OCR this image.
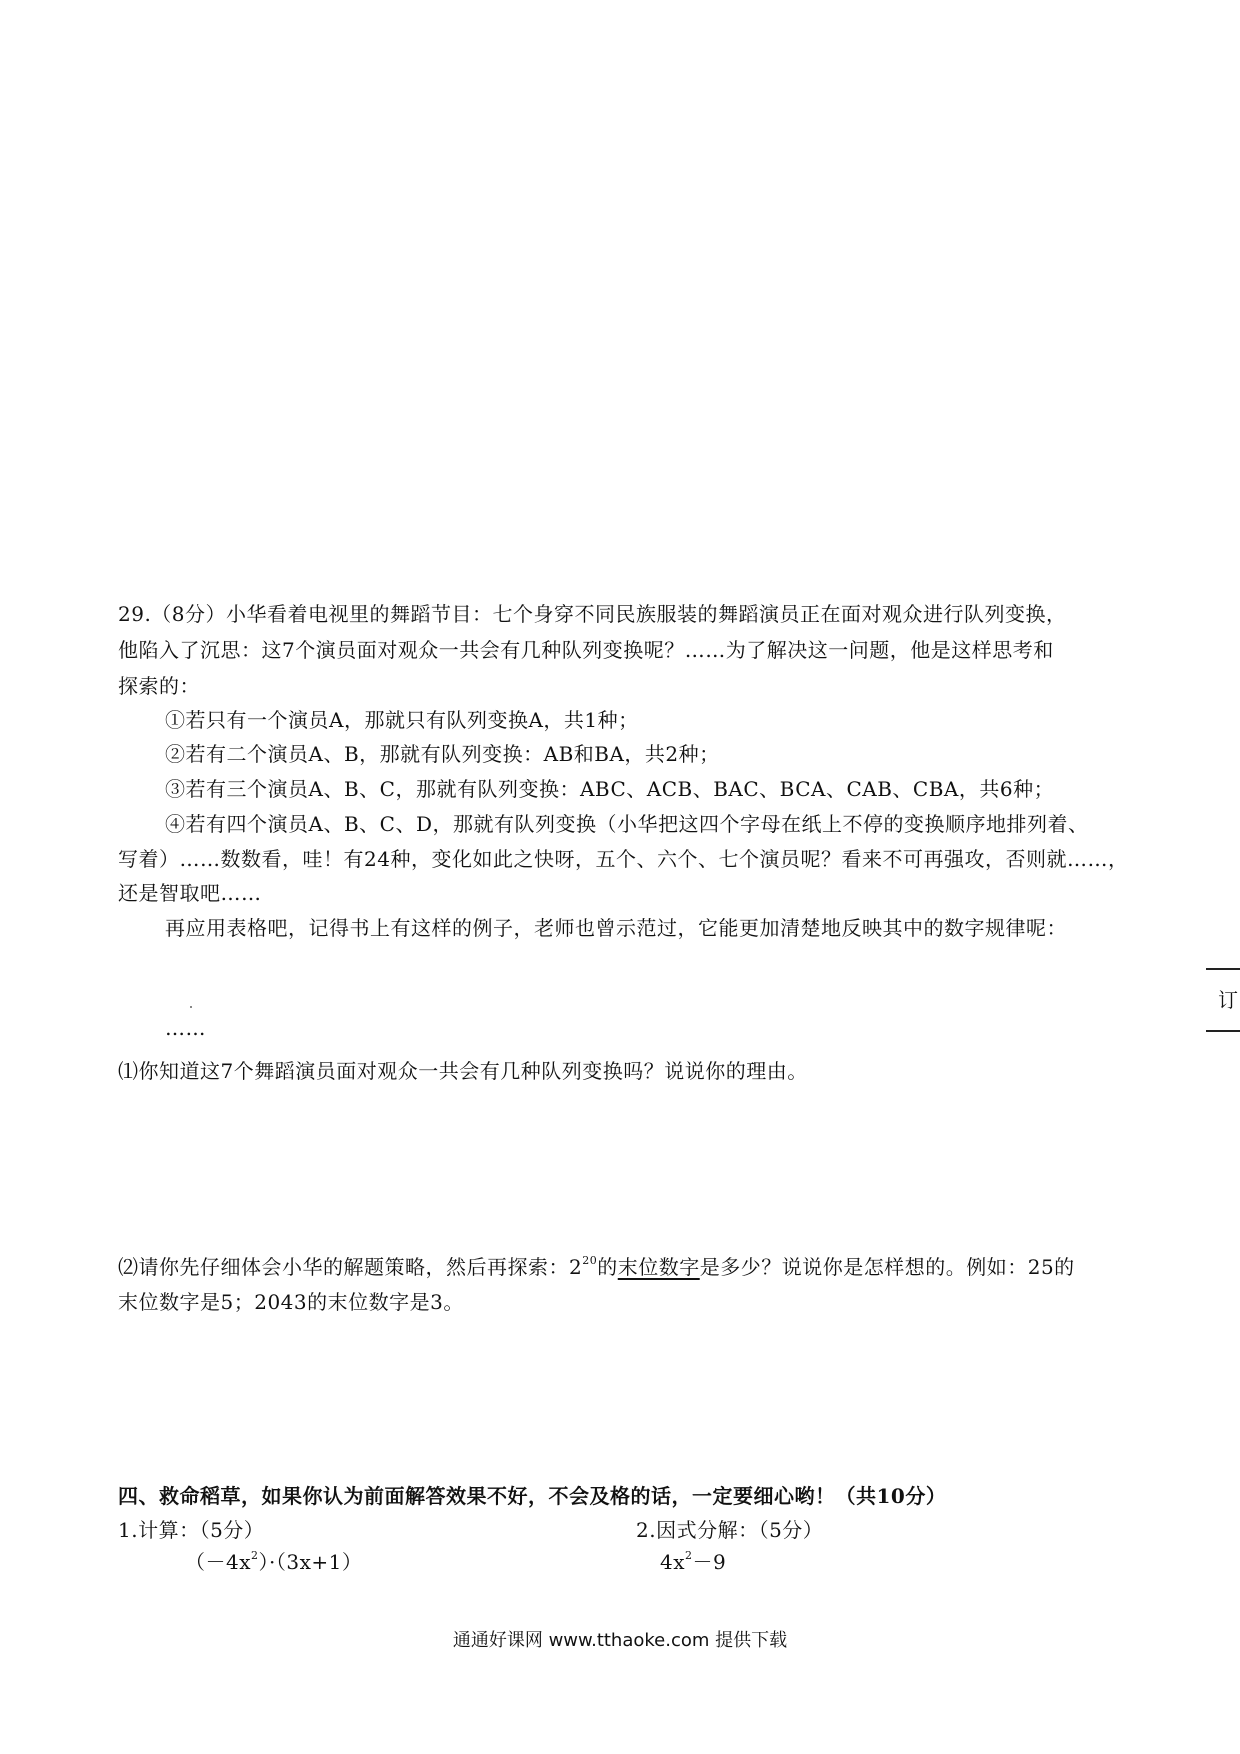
29.（8分）小华看着电视里的舞蹈节目：七个身穿不同民族服装的舞蹈演员正在面对观众进行队列变换，
他陷入了沉思：这7个演员面对观众一共会有几种队列变换呢？……为了解决这一问题，他是这样思考和
探索的：
①若只有一个演员A，那就只有队列变换A，共1种；
②若有二个演员A、B，那就有队列变换：AB和BA，共2种；
③若有三个演员A、B、C，那就有队列变换：ABC、ACB、BAC、BCA、CAB、CBA，共6种；
④若有四个演员A、B、C、D，那就有队列变换（小华把这四个字母在纸上不停的变换顺序地排列着、
写着）……数数看，哇！有24种，变化如此之快呀，五个、六个、七个演员呢？看来不可再强攻，否则就……，
还是智取吧……
再应用表格吧，记得书上有这样的例子，老师也曾示范过，它能更加清楚地反映其中的数字规律呢：
……
⑴你知道这7个舞蹈演员面对观众一共会有几种队列变换吗？说说你的理由。
⑵请你先仔细体会小华的解题策略，然后再探索：$2^{20}$的末位数字是多少？说说你是怎样想的。例如：25的
末位数字是5；2043的末位数字是3。
订
四、救命稻草，如果你认为前面解答效果不好，不会及格的话，一定要细心哟！（共10分）
1.计算：（5分）
$(-4x^2)\cdot(3x+1)$
2.因式分解：（5分）
$4x^2-9$
通通好课网 www.tthaoke.com 提供下载
